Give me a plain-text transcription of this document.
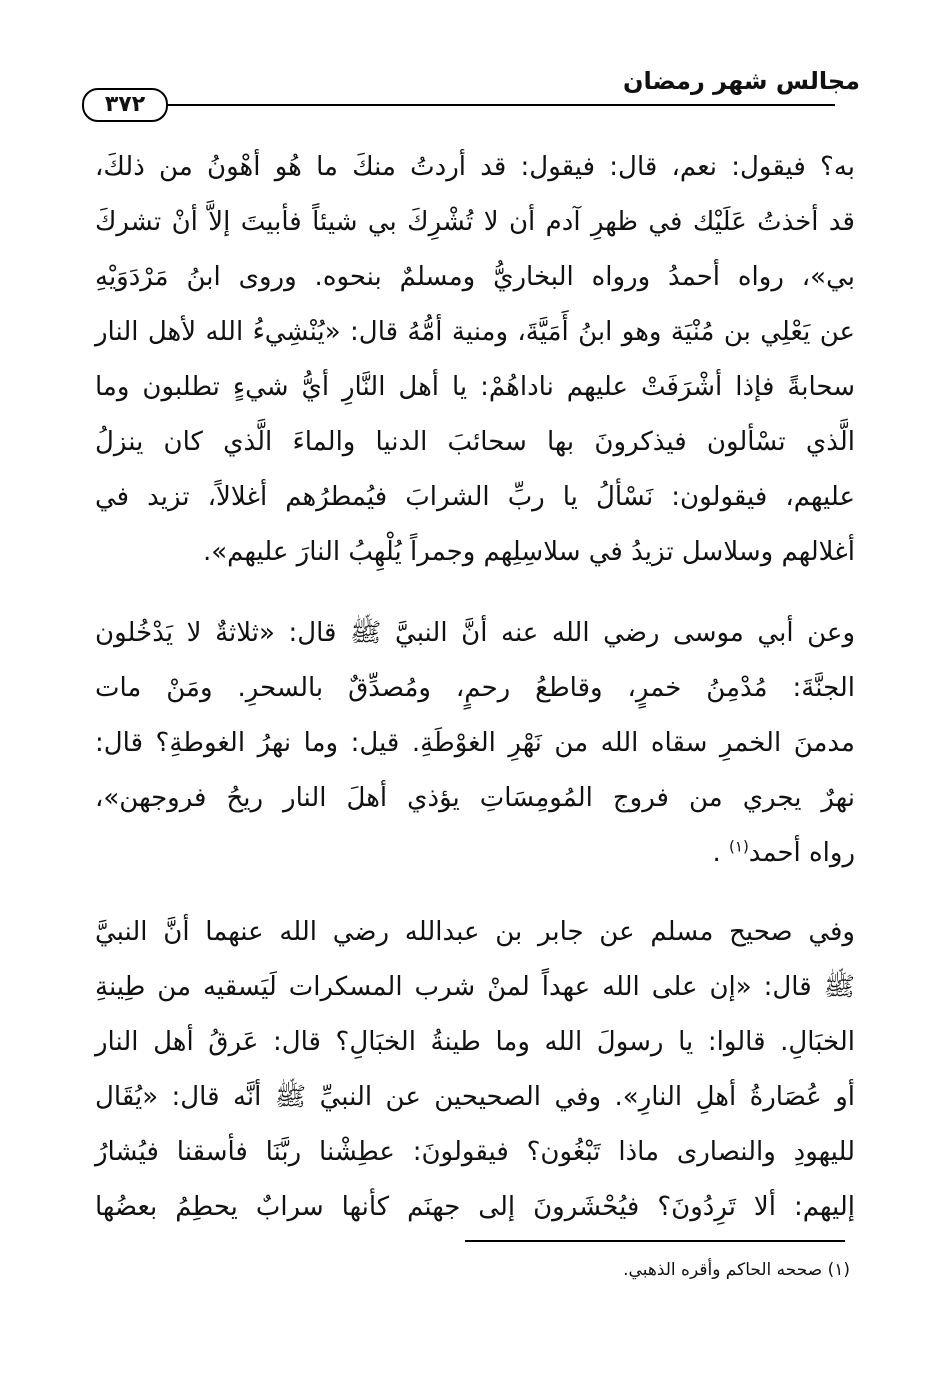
مجالس شهر رمضان
٣٧٢
به؟ فيقول: نعم، قال: فيقول: قد أردتُ منكَ ما هُو أهْونُ من ذلكَ،
قد أخذتُ عَلَيْك في ظهرِ آدم أن لا تُشْرِكَ بي شيئاً فأبيتَ إلاَّ أنْ تشركَ
بي»، رواه أحمدُ ورواه البخاريُّ ومسلمٌ بنحوه. وروى ابنُ مَرْدَوَيْهِ
عن يَعْلِي بن مُنْيَة وهو ابنُ أَمَيَّةَ، ومنية أمُّهُ قال: «يُنْشِيءُ الله لأهل النار
سحابةً فإذا أشْرَفَتْ عليهم ناداهُمْ: يا أهل النَّارِ أيُّ شيءٍ تطلبون وما
الَّذي تسْألون فيذكرونَ بها سحائبَ الدنيا والماءَ الَّذي كان ينزلُ
عليهم، فيقولون: نَسْألُ يا ربِّ الشرابَ فيُمطرُهم أغلالاً، تزيد في
أغلالهم وسلاسل تزيدُ في سلاسِلِهم وجمراً يُلْهِبُ النارَ عليهم».
وعن أبي موسى رضي الله عنه أنَّ النبيَّ ﷺ قال: «ثلاثةٌ لا يَدْخُلون
الجنَّةَ: مُدْمِنُ خمرٍ، وقاطعُ رحمٍ، ومُصدِّقٌ بالسحرِ. ومَنْ مات
مدمنَ الخمرِ سقاه الله من نَهْرِ الغوْطَةِ. قيل: وما نهرُ الغوطةِ؟ قال:
نهرٌ يجري من فروج المُومِسَاتِ يؤذي أهلَ النار ريحُ فروجهن»،
رواه أحمد$^{(١)}$ .
وفي صحيح مسلم عن جابر بن عبدالله رضي الله عنهما أنَّ النبيَّ
ﷺ قال: «إن على الله عهداً لمنْ شرب المسكرات لَيَسقيه من طِينةِ
الخبَالِ. قالوا: يا رسولَ الله وما طينةُ الخبَالِ؟ قال: عَرقُ أهل النار
أو عُصَارةُ أهلِ النارِ». وفي الصحيحين عن النبيِّ ﷺ أنَّه قال: «يُقَال
لليهودِ والنصارى ماذا تَبْغُون؟ فيقولونَ: عطِشْنا ربَّنَا فأسقنا فيُشارُ
إليهم: ألا تَرِدُونَ؟ فيُحْشَرونَ إلى جهنَم كأنها سرابٌ يحطِمُ بعضُها
(١) صححه الحاكم وأقره الذهبي.
